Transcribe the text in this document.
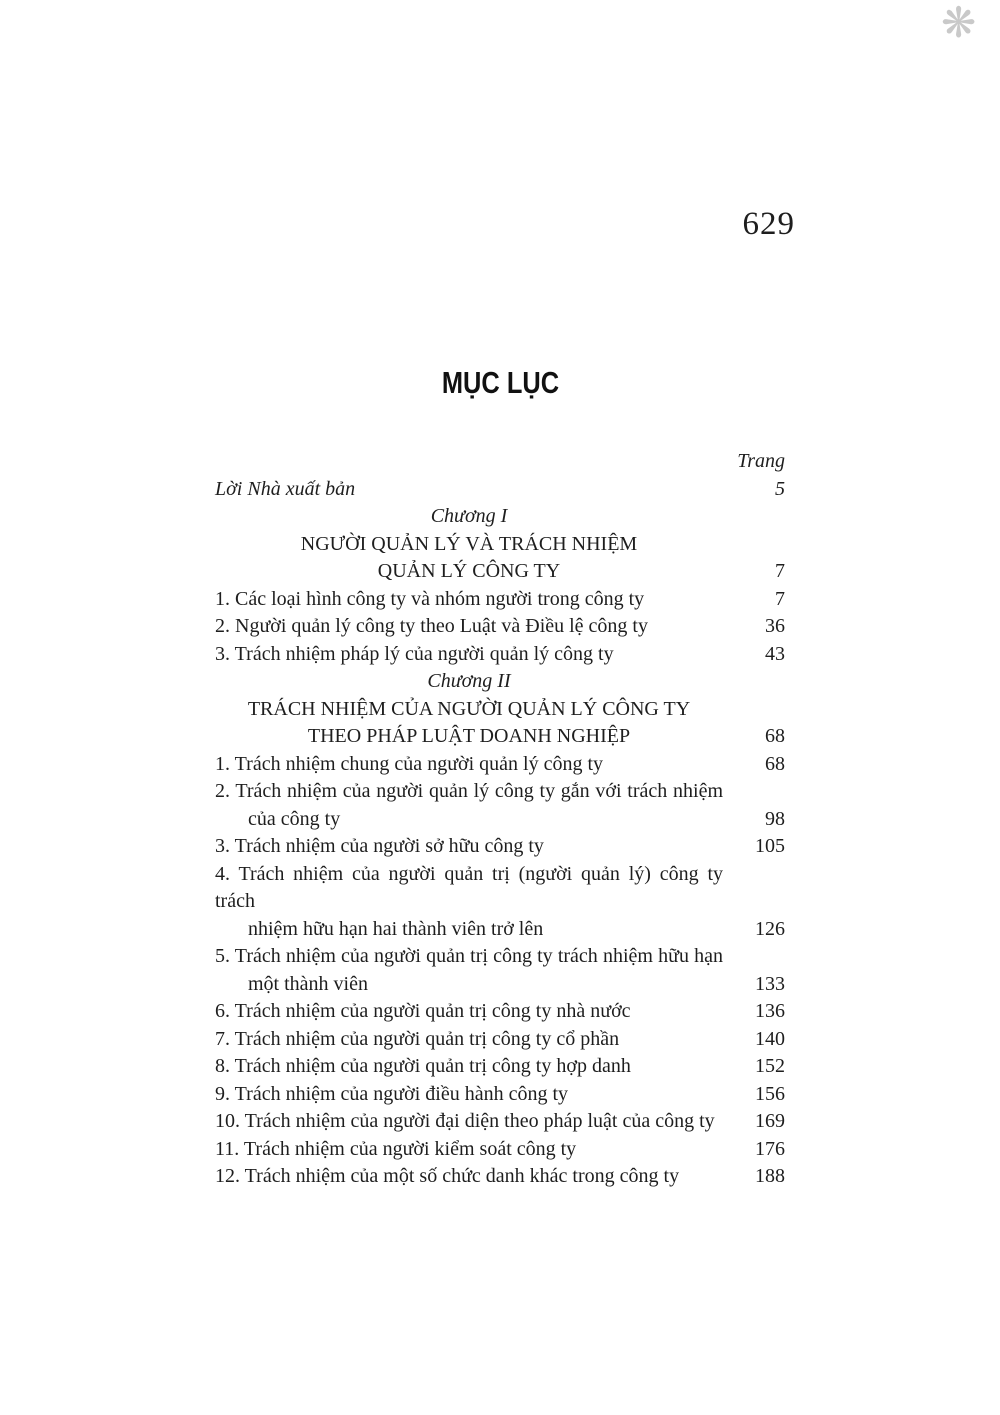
❋
629
MỤC LỤC
Trang
Lời Nhà xuất bản	5
Chương I
NGƯỜI QUẢN LÝ VÀ TRÁCH NHIỆM
QUẢN LÝ CÔNG TY	7
1. Các loại hình công ty và nhóm người trong công ty	7
2. Người quản lý công ty theo Luật và Điều lệ công ty	36
3. Trách nhiệm pháp lý của người quản lý công ty	43
Chương II
TRÁCH NHIỆM CỦA NGƯỜI QUẢN LÝ CÔNG TY
THEO PHÁP LUẬT DOANH NGHIỆP	68
1. Trách nhiệm chung của người quản lý công ty	68
2. Trách nhiệm của người quản lý công ty gắn với trách nhiệm
của công ty	98
3. Trách nhiệm của người sở hữu công ty	105
4. Trách nhiệm của người quản trị (người quản lý) công ty trách
nhiệm hữu hạn hai thành viên trở lên	126
5. Trách nhiệm của người quản trị công ty trách nhiệm hữu hạn
một thành viên	133
6. Trách nhiệm của người quản trị công ty nhà nước	136
7. Trách nhiệm của người quản trị công ty cổ phần	140
8. Trách nhiệm của người quản trị công ty hợp danh	152
9. Trách nhiệm của người điều hành công ty	156
10. Trách nhiệm của người đại diện theo pháp luật của công ty	169
11. Trách nhiệm của người kiểm soát công ty	176
12. Trách nhiệm của một số chức danh khác trong công ty	188
